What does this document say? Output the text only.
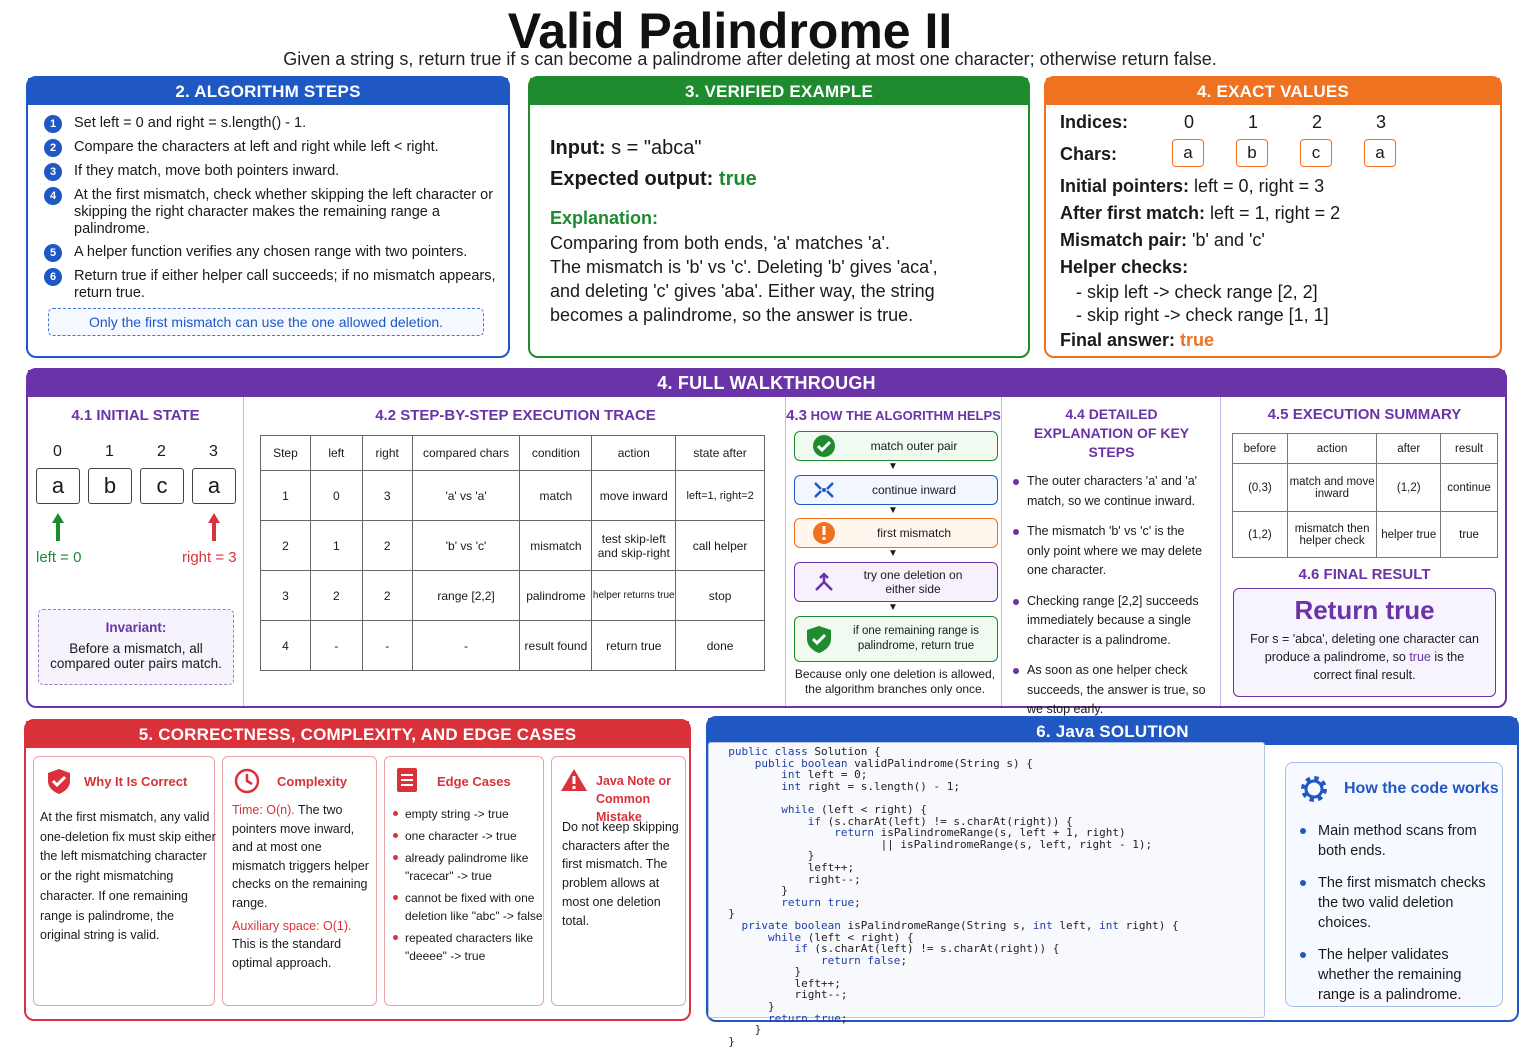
Valid Palindrome II
Given a string s, return true if s can become a palindrome after deleting at most one character; otherwise return false.
2. ALGORITHM STEPS
1	Set left = 0 and right = s.length() - 1.
2	Compare the characters at left and right while left < right.
3	If they match, move both pointers inward.
4	At the first mismatch, check whether skipping the left character or skipping the right character makes the remaining range a palindrome.
5	A helper function verifies any chosen range with two pointers.
6	Return true if either helper call succeeds; if no mismatch appears, return true.
Only the first mismatch can use the one allowed deletion.
3. VERIFIED EXAMPLE
Input: s = "abca"
Expected output: true
Explanation:
Comparing from both ends, 'a' matches 'a'.
The mismatch is 'b' vs 'c'. Deleting 'b' gives 'aca',
and deleting 'c' gives 'aba'. Either way, the string
becomes a palindrome, so the answer is true.
4. EXACT VALUES
Indices:	0	1	2	3
Chars:	a	b	c	a
Initial pointers: left = 0, right = 3
After first match: left = 1, right = 2
Mismatch pair: 'b' and 'c'
Helper checks:
- skip left -> check range [2, 2]
- skip right -> check range [1, 1]
Final answer: true
4. FULL WALKTHROUGH
4.1 INITIAL STATE
0	1	2	3
a	b	c	a
left = 0	right = 3
Invariant:
Before a mismatch, all compared outer pairs match.
4.2 STEP-BY-STEP EXECUTION TRACE
Step	left	right	compared chars	condition	action	state after
1	0	3	'a' vs 'a'	match	move inward	left=1, right=2
2	1	2	'b' vs 'c'	mismatch	test skip-left and skip-right	call helper
3	2	2	range [2,2]	palindrome	helper returns true	stop
4	-	-	-	result found	return true	done
4.3 HOW THE ALGORITHM HELPS
match outer pair
▼
continue inward
▼
first mismatch
▼
try one deletion on either side
▼
if one remaining range is palindrome, return true
Because only one deletion is allowed, the algorithm branches only once.
4.4 DETAILED EXPLANATION OF KEY STEPS
The outer characters 'a' and 'a' match, so we continue inward.
The mismatch 'b' vs 'c' is the only point where we may delete one character.
Checking range [2,2] succeeds immediately because a single character is a palindrome.
As soon as one helper check succeeds, the answer is true, so we stop early.
4.5 EXECUTION SUMMARY
before	action	after	result
(0,3)	match and move inward	(1,2)	continue
(1,2)	mismatch then helper check	helper true	true
4.6 FINAL RESULT
Return true
For s = 'abca', deleting one character can produce a palindrome, so true is the correct final result.
5. CORRECTNESS, COMPLEXITY, AND EDGE CASES
Why It Is Correct
At the first mismatch, any valid one-deletion fix must skip either the left mismatching character or the right mismatching character. If one remaining range is palindrome, the original string is valid.
Complexity
Time: O(n). The two pointers move inward, and at most one mismatch triggers helper checks on the remaining range.
Auxiliary space: O(1). This is the standard optimal approach.
Edge Cases
empty string -> true
one character -> true
already palindrome like "racecar" -> true
cannot be fixed with one deletion like "abc" -> false
repeated characters like "deeee" -> true
Java Note or Common Mistake
Do not keep skipping characters after the first mismatch. The problem allows at most one deletion total.
6. Java SOLUTION
public class Solution {
public boolean validPalindrome(String s) {
int left = 0;
int right = s.length() - 1;

while (left < right) {
if (s.charAt(left) != s.charAt(right)) {
return isPalindromeRange(s, left + 1, right)
|| isPalindromeRange(s, left, right - 1);
}
left++;
right--;
}
return true;
}
private boolean isPalindromeRange(String s, int left, int right) {
while (left < right) {
if (s.charAt(left) != s.charAt(right)) {
return false;
}
left++;
right--;
}
return true;
}
}
How the code works
Main method scans from both ends.
The first mismatch checks the two valid deletion choices.
The helper validates whether the remaining range is a palindrome.
